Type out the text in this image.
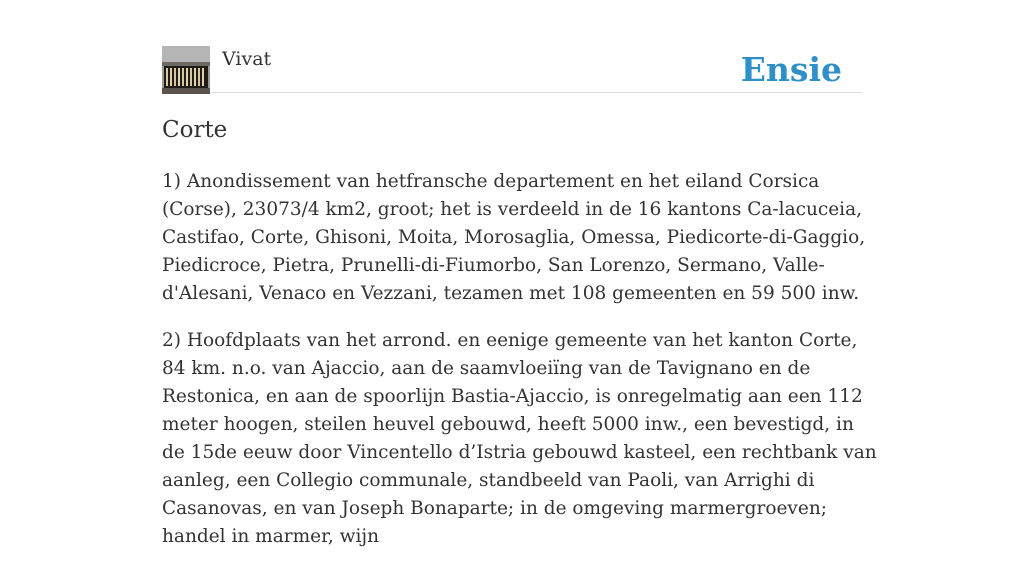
Vivat	Ensie
Corte

1) Anondissement van hetfransche departement en het eiland Corsica (Corse), 23073/4 km2, groot; het is verdeeld in de 16 kantons Ca-lacuceia, Castifao, Corte, Ghisoni, Moita, Morosaglia, Omessa, Piedicorte-di-Gaggio, Piedicroce, Pietra, Prunelli-di-Fiumorbo, San Lorenzo, Sermano, Valle-d'Alesani, Venaco en Vezzani, tezamen met 108 gemeenten en 59 500 inw.

2) Hoofdplaats van het arrond. en eenige gemeente van het kanton Corte, 84 km. n.o. van Ajaccio, aan de saamvloeiïng van de Tavignano en de Restonica, en aan de spoorlijn Bastia-Ajaccio, is onregelmatig aan een 112 meter hoogen, steilen heuvel gebouwd, heeft 5000 inw., een bevestigd, in de 15de eeuw door Vincentello d’Istria gebouwd kasteel, een rechtbank van aanleg, een Collegio communale, standbeeld van Paoli, van Arrighi di Casanovas, en van Joseph Bonaparte; in de omgeving marmergroeven; handel in marmer, wijn
